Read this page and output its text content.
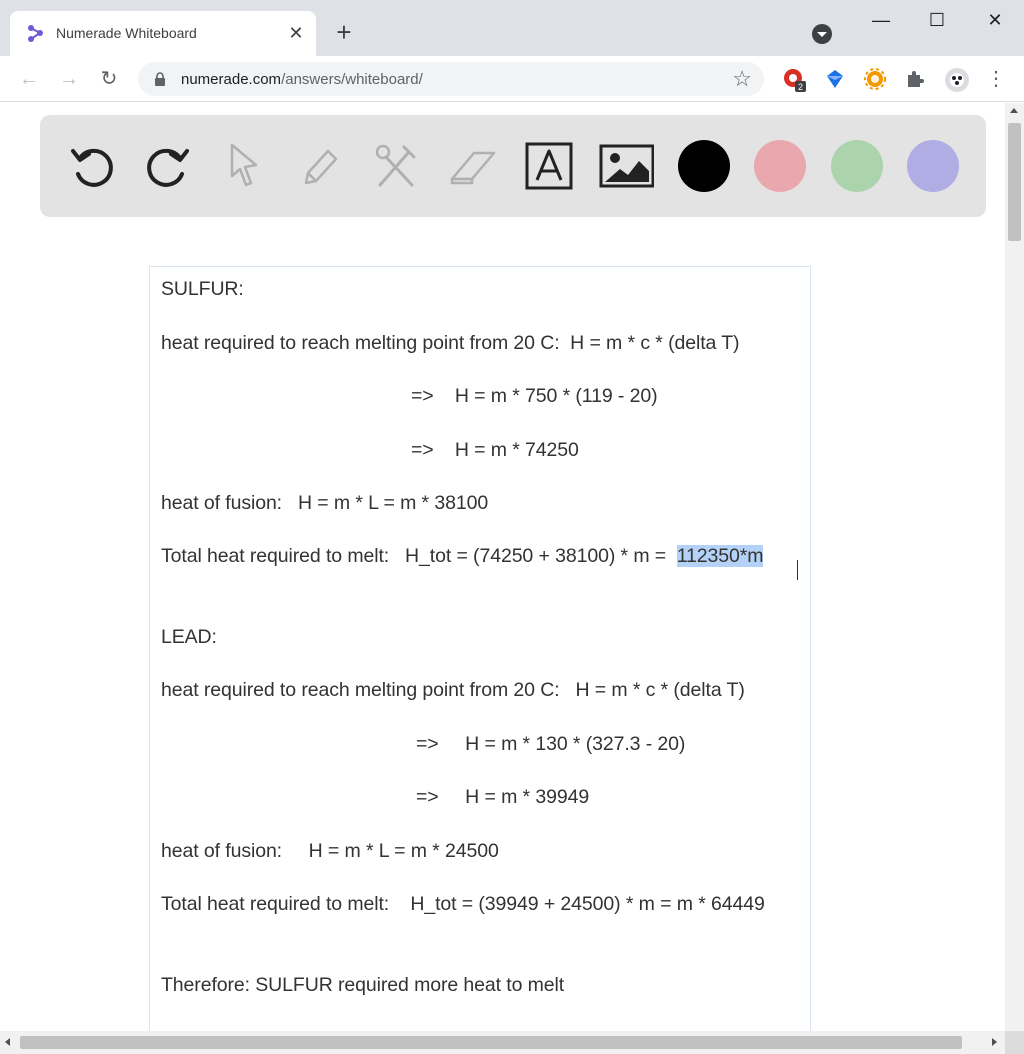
Numerade Whiteboard	✕ +	—	☐	✕
← → ↻	numerade.com/answers/whiteboard/	☆	2	⋮
SULFUR:
heat required to reach melting point from 20 C:  H = m * c * (delta T)
=>    H = m * 750 * (119 - 20)
=>    H = m * 74250
heat of fusion:   H = m * L = m * 38100
Total heat required to melt:   H_tot = (74250 + 38100) * m =  112350*m
LEAD:
heat required to reach melting point from 20 C:   H = m * c * (delta T)
=>     H = m * 130 * (327.3 - 20)
=>     H = m * 39949
heat of fusion:     H = m * L = m * 24500
Total heat required to melt:    H_tot = (39949 + 24500) * m = m * 64449
Therefore: SULFUR required more heat to melt
